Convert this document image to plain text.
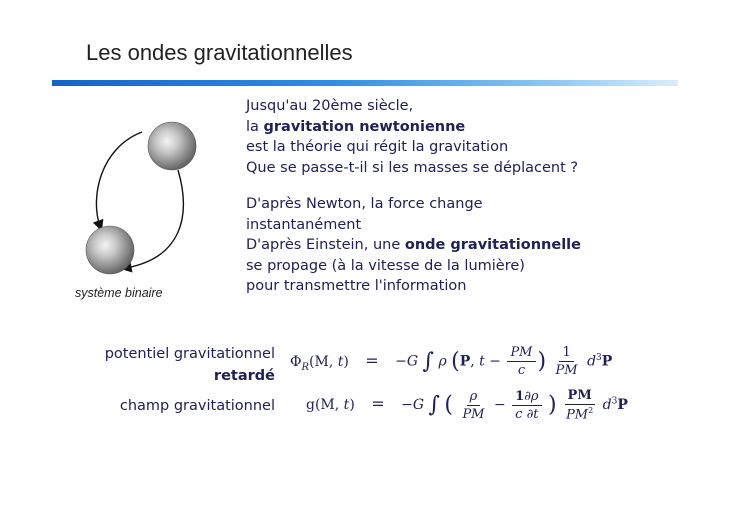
Les ondes gravitationnelles
Jusqu'au 20ème siècle,
la gravitation newtonienne
est la théorie qui régit la gravitation
Que se passe-t-il si les masses se déplacent ?
D'après Newton, la force change
instantanément
D'après Einstein, une onde gravitationnelle
se propage (à la vitesse de la lumière)
pour transmettre l'information
système binaire
potentiel gravitationnel
retardé
champ gravitationnel
$\Phi_R(M$, t) = −G ∫ ρ (P, $t - \frac{PM}{c}$ ) $\frac{1}{PM} d^3P$
g(M, t) = −G ∫ ( $\frac{\rho}{PM} - \frac{1\partial\rho}{c \partial t}$ ) $\frac{PM}{PM^2} d^3P$
